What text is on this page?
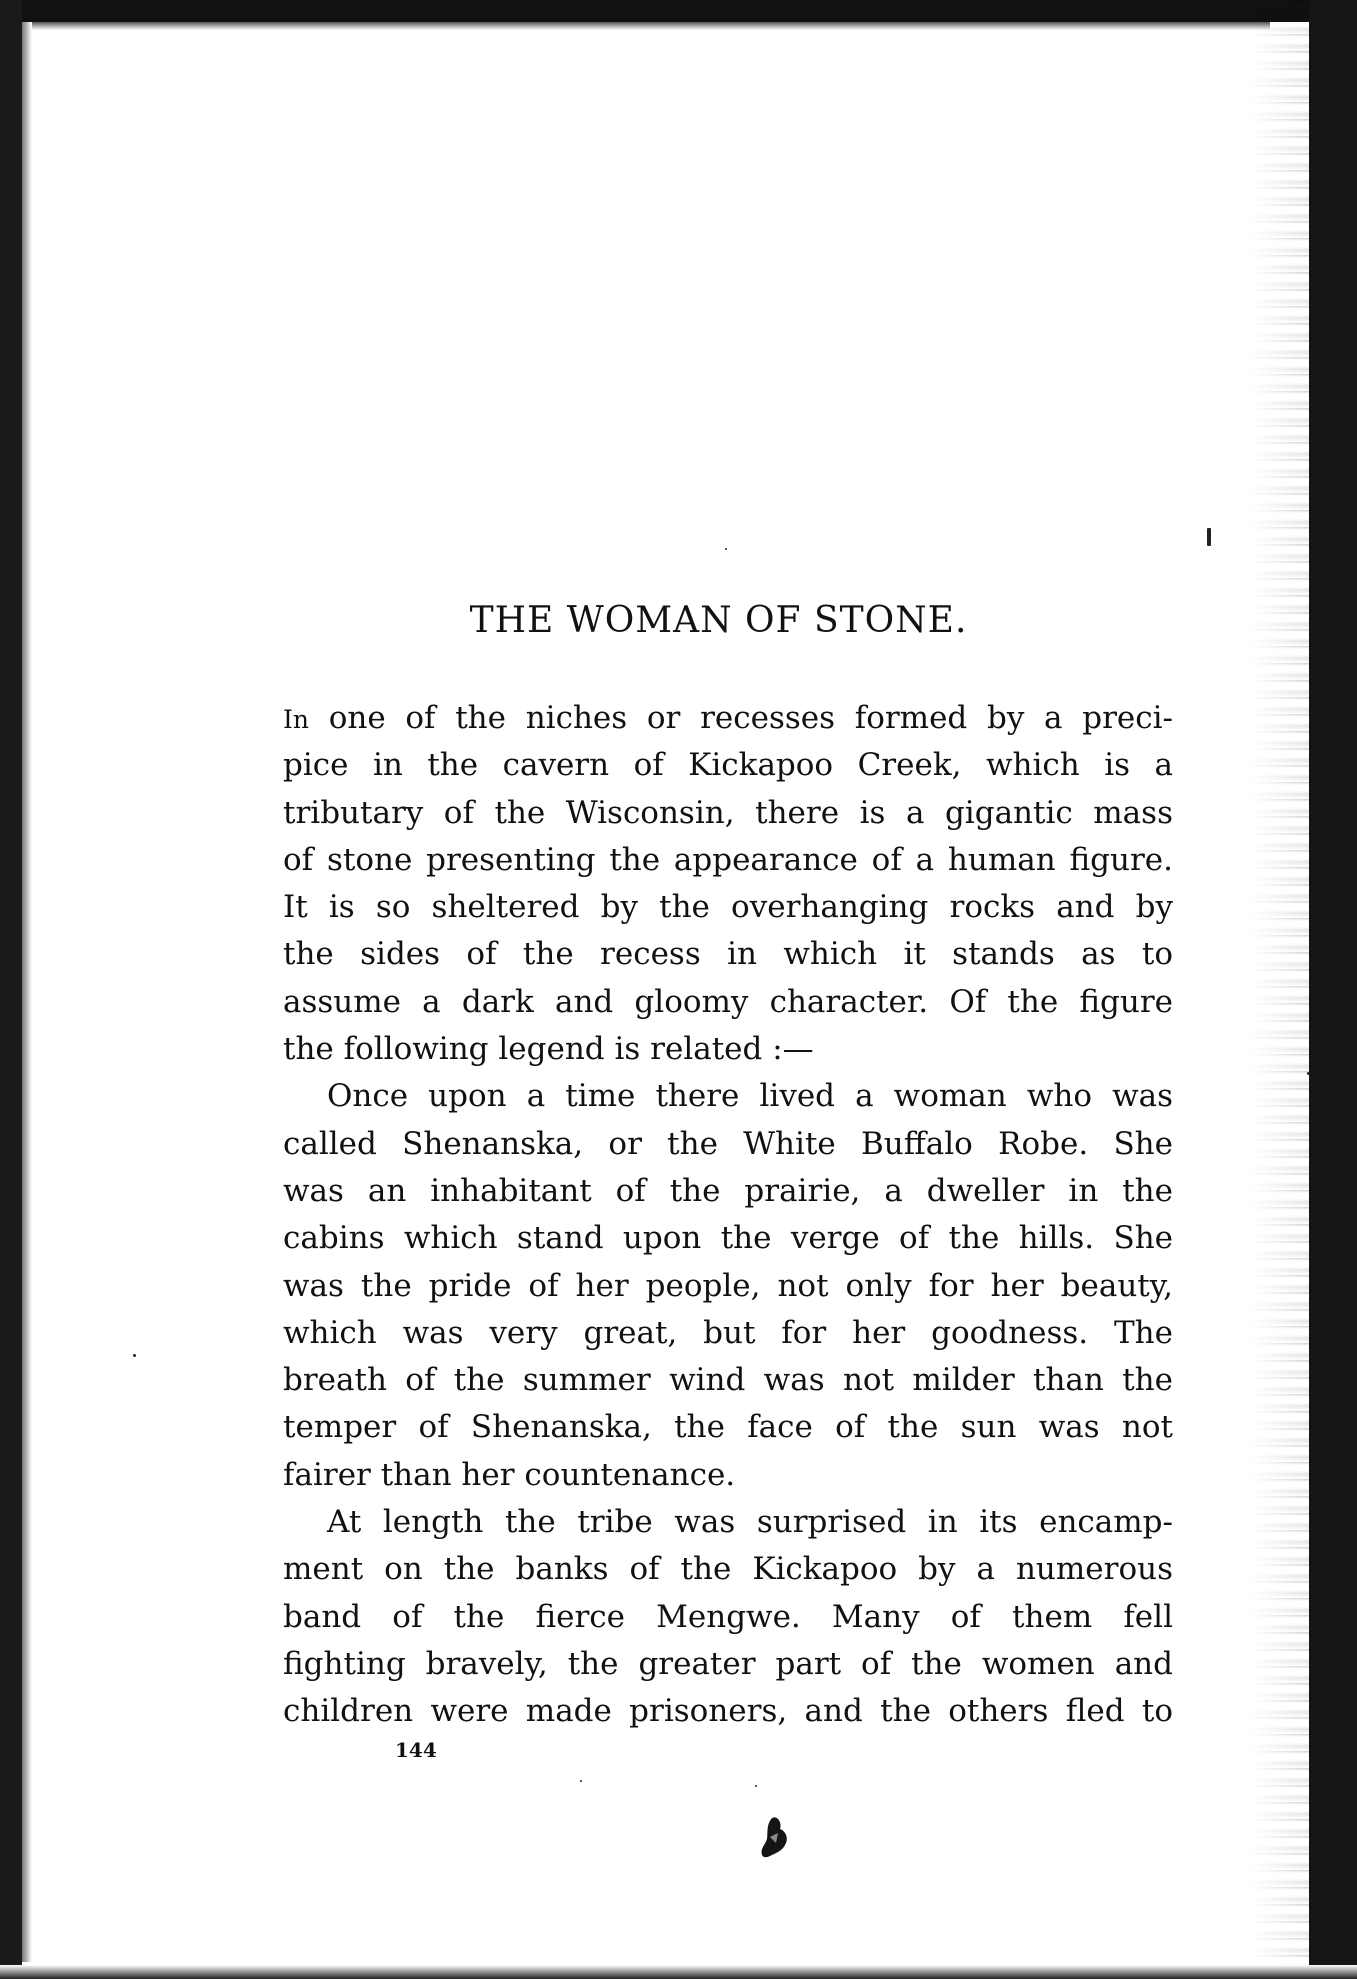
THE WOMAN OF STONE.
In one of the niches or recesses formed by a preci-
pice in the cavern of Kickapoo Creek, which is a
tributary of the Wisconsin, there is a gigantic mass
of stone presenting the appearance of a human figure.
It is so sheltered by the overhanging rocks and by
the sides of the recess in which it stands as to
assume a dark and gloomy character. Of the figure
the following legend is related :—
Once upon a time there lived a woman who was
called Shenanska, or the White Buffalo Robe. She
was an inhabitant of the prairie, a dweller in the
cabins which stand upon the verge of the hills. She
was the pride of her people, not only for her beauty,
which was very great, but for her goodness. The
breath of the summer wind was not milder than the
temper of Shenanska, the face of the sun was not
fairer than her countenance.
At length the tribe was surprised in its encamp-
ment on the banks of the Kickapoo by a numerous
band of the fierce Mengwe. Many of them fell
fighting bravely, the greater part of the women and
children were made prisoners, and the others fled to
144
